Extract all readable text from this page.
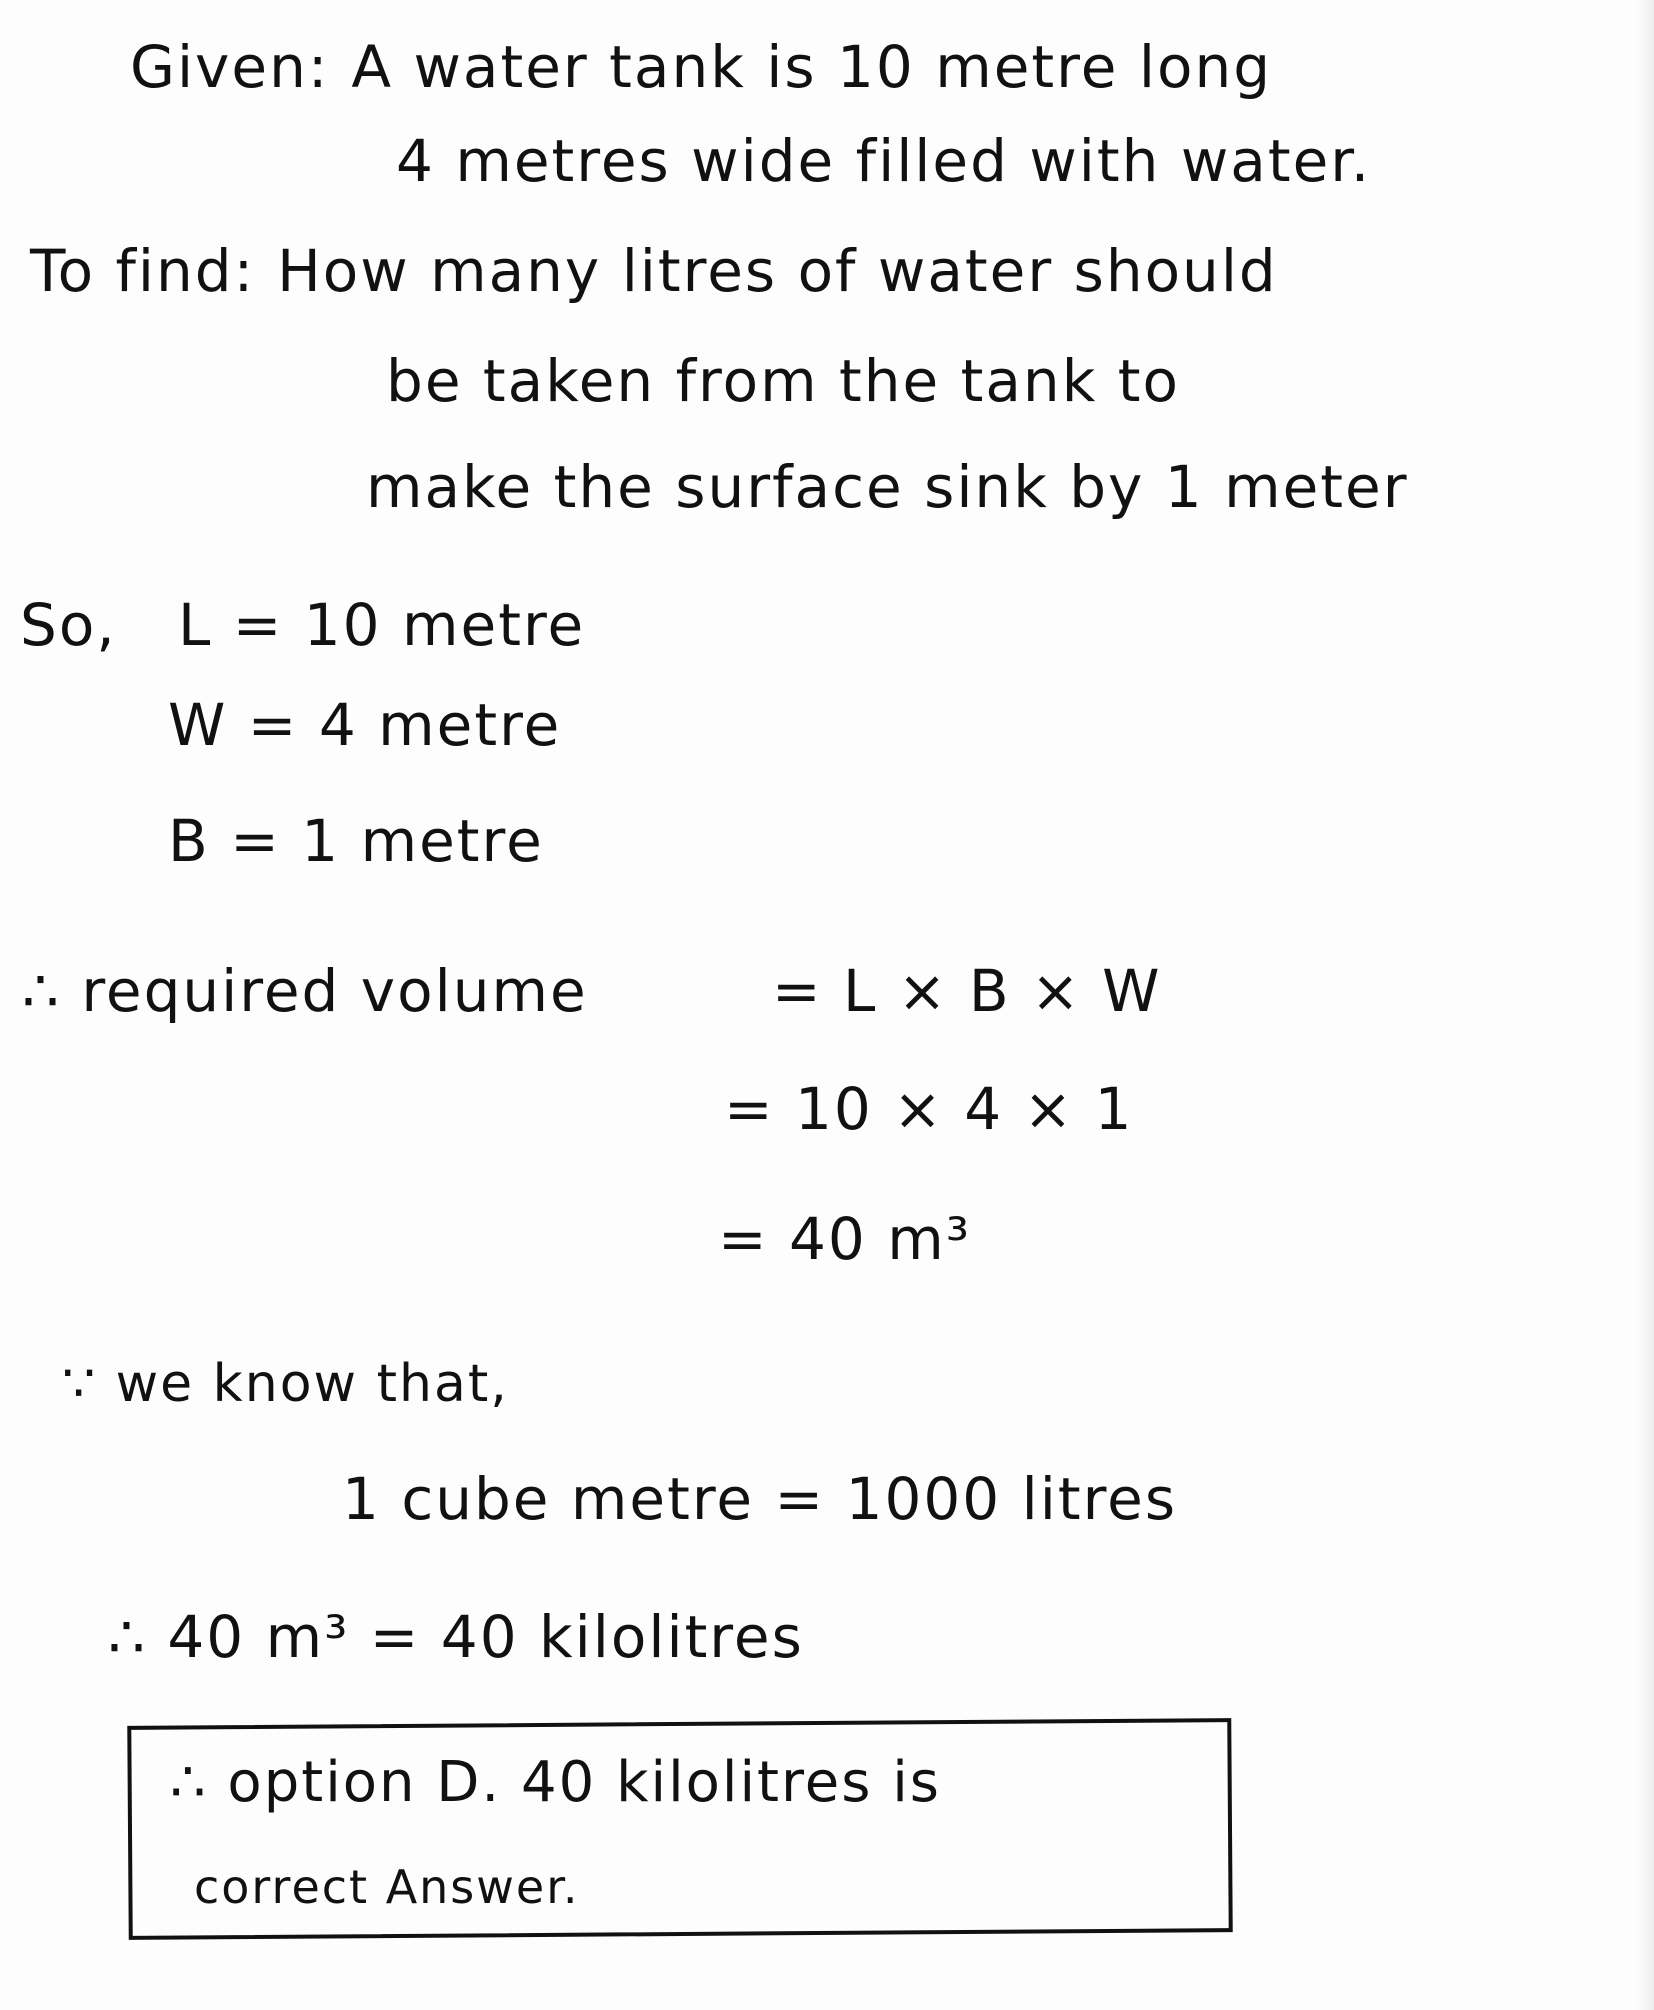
Given: A water tank is 10 metre long
4 metres wide filled with water.
To find: How many litres of water should
be taken from the tank to
make the surface sink by 1 meter
So, L = 10 metre
W = 4 metre
B = 1 metre
∴ required volume	= L × B × W
= 10 × 4 × 1
= 40 m³
∵ we know that,
1 cube metre = 1000 litres
∴ 40 m³ = 40 kilolitres
∴ option D. 40 kilolitres is
correct Answer.
